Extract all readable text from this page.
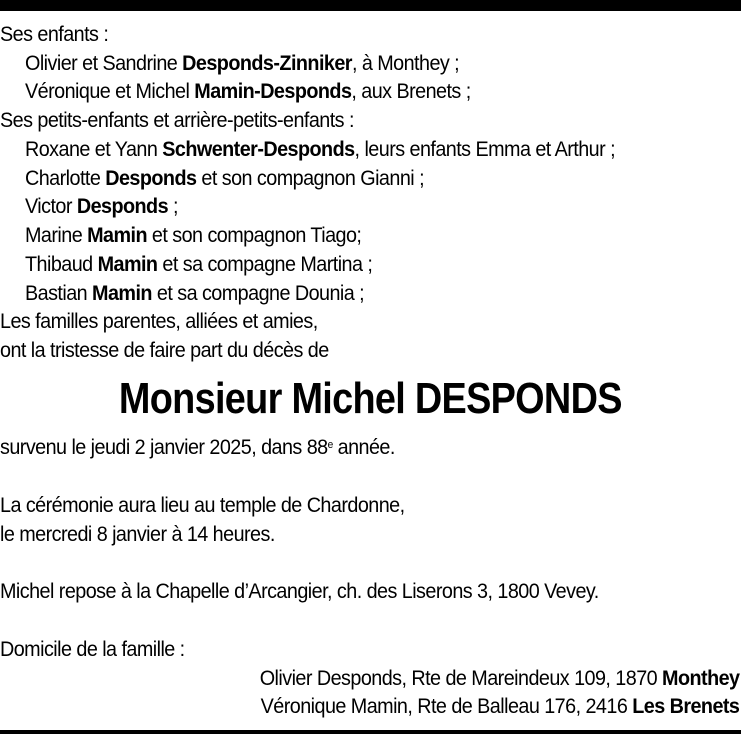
Ses enfants :
Olivier et Sandrine Desponds-Zinniker, à Monthey ;
Véronique et Michel Mamin-Desponds, aux Brenets ;
Ses petits-enfants et arrière-petits-enfants :
Roxane et Yann Schwenter-Desponds, leurs enfants Emma et Arthur ;
Charlotte Desponds et son compagnon Gianni ;
Victor Desponds ;
Marine Mamin et son compagnon Tiago;
Thibaud Mamin et sa compagne Martina ;
Bastian Mamin et sa compagne Dounia ;
Les familles parentes, alliées et amies,
ont la tristesse de faire part du décès de
Monsieur Michel DESPONDS
survenu le jeudi 2 janvier 2025, dans 88e année.
La cérémonie aura lieu au temple de Chardonne,
le mercredi 8 janvier à 14 heures.
Michel repose à la Chapelle d’Arcangier, ch. des Liserons 3, 1800 Vevey.
Domicile de la famille :
Olivier Desponds, Rte de Mareindeux 109, 1870 Monthey
Véronique Mamin, Rte de Balleau 176, 2416 Les Brenets
